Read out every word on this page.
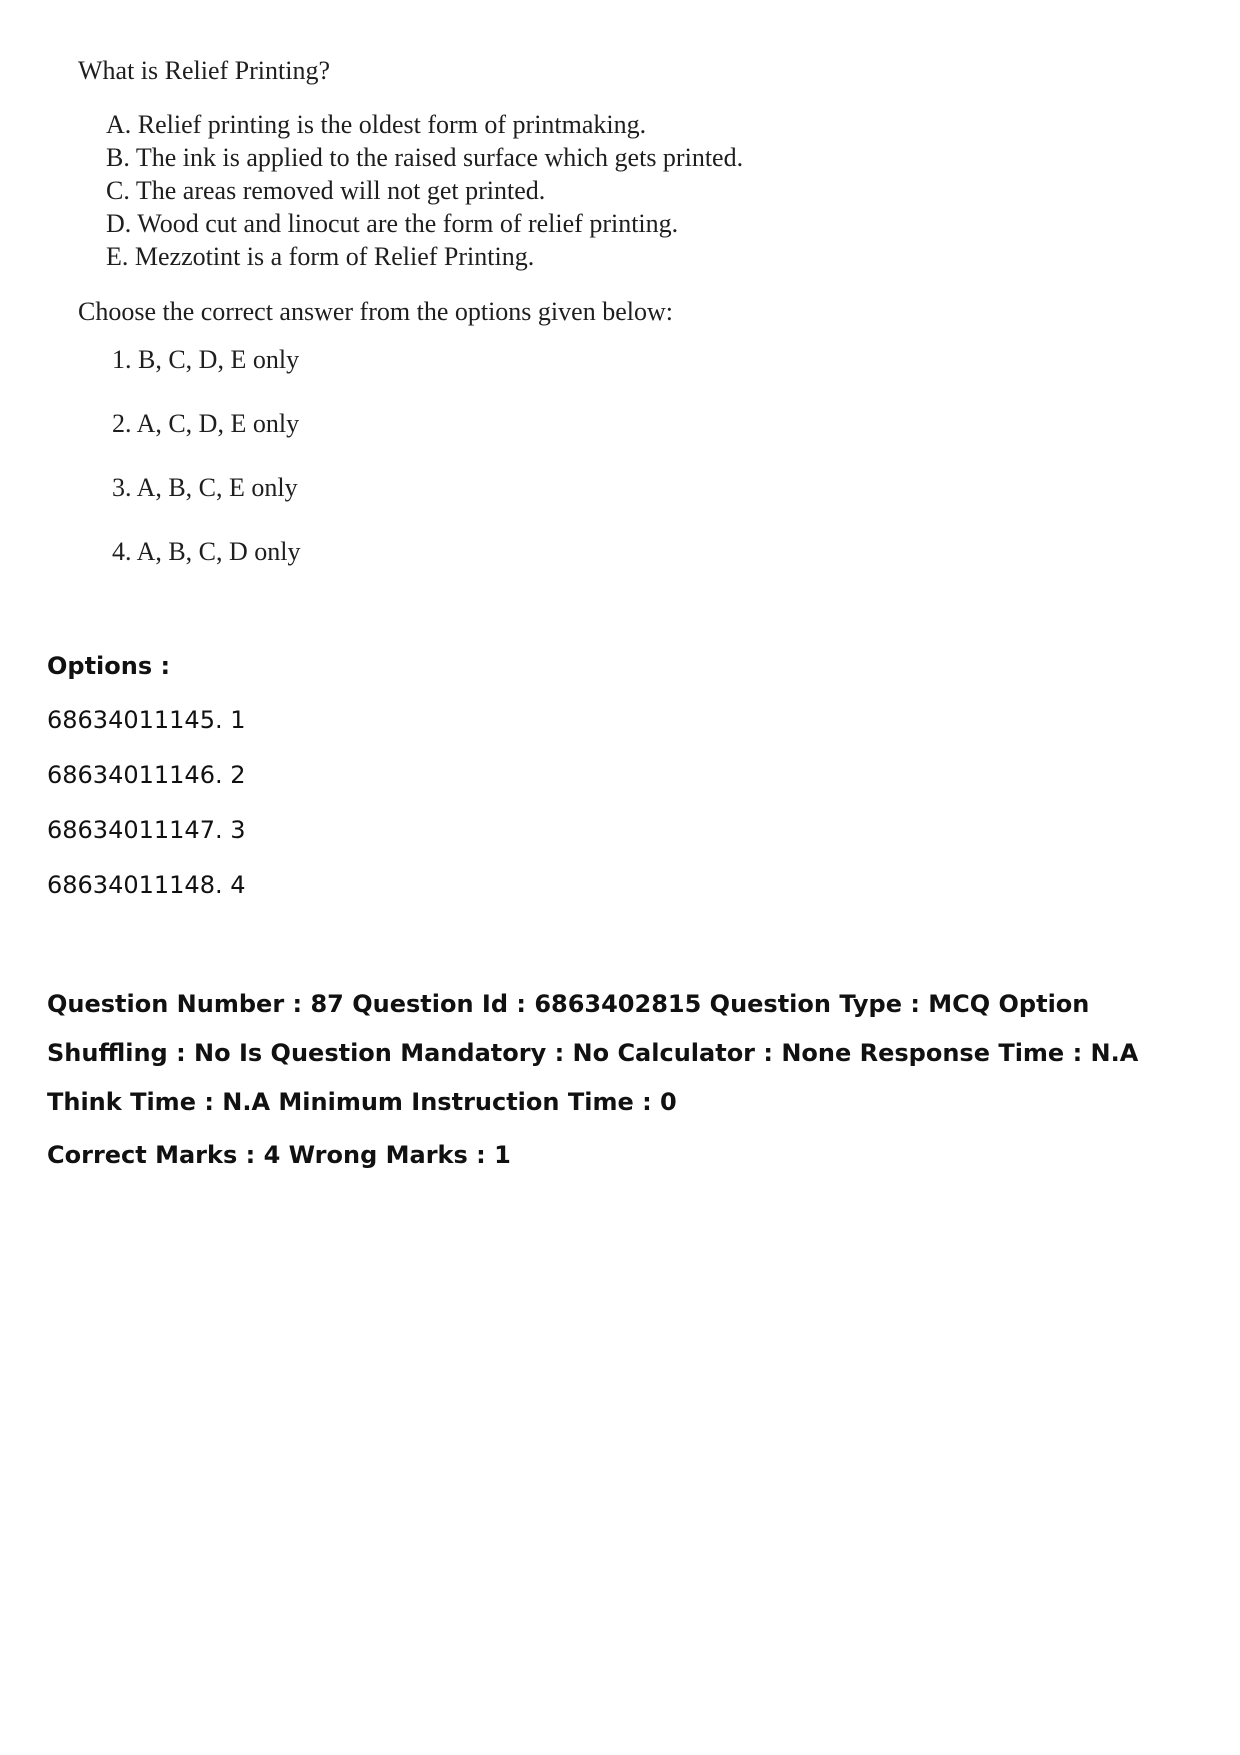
What is Relief Printing?
A. Relief printing is the oldest form of printmaking.
B. The ink is applied to the raised surface which gets printed.
C. The areas removed will not get printed.
D. Wood cut and linocut are the form of relief printing.
E. Mezzotint is a form of Relief Printing.
Choose the correct answer from the options given below:
1. B, C, D, E only
2. A, C, D, E only
3. A, B, C, E only
4. A, B, C, D only
Options :
68634011145. 1
68634011146. 2
68634011147. 3
68634011148. 4
Question Number : 87 Question Id : 6863402815 Question Type : MCQ Option Shuffling : No Is Question Mandatory : No Calculator : None Response Time : N.A Think Time : N.A Minimum Instruction Time : 0
Correct Marks : 4 Wrong Marks : 1
